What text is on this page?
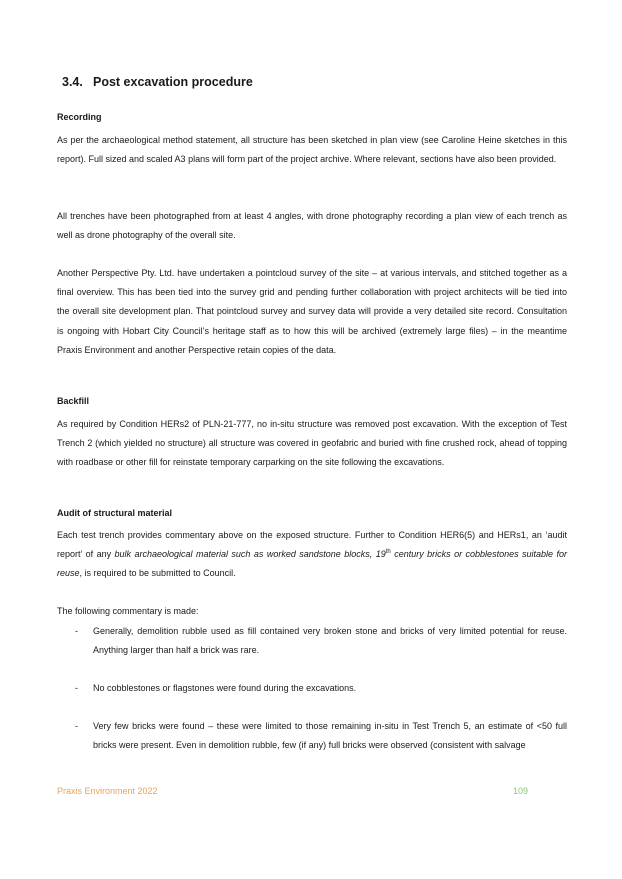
3.4. Post excavation procedure
Recording

As per the archaeological method statement, all structure has been sketched in plan view (see Caroline Heine sketches in this report). Full sized and scaled A3 plans will form part of the project archive. Where relevant, sections have also been provided.

All trenches have been photographed from at least 4 angles, with drone photography recording a plan view of each trench as well as drone photography of the overall site.

Another Perspective Pty. Ltd. have undertaken a pointcloud survey of the site – at various intervals, and stitched together as a final overview. This has been tied into the survey grid and pending further collaboration with project architects will be tied into the overall site development plan. That pointcloud survey and survey data will provide a very detailed site record. Consultation is ongoing with Hobart City Council’s heritage staff as to how this will be archived (extremely large files) – in the meantime Praxis Environment and another Perspective retain copies of the data.

Backfill

As required by Condition HERs2 of PLN-21-777, no in-situ structure was removed post excavation. With the exception of Test Trench 2 (which yielded no structure) all structure was covered in geofabric and buried with fine crushed rock, ahead of topping with roadbase or other fill for reinstate temporary carparking on the site following the excavations.

Audit of structural material

Each test trench provides commentary above on the exposed structure. Further to Condition HER6(5) and HERs1, an ‘audit report’ of any bulk archaeological material such as worked sandstone blocks, 19th century bricks or cobblestones suitable for reuse, is required to be submitted to Council.

The following commentary is made:

- Generally, demolition rubble used as fill contained very broken stone and bricks of very limited potential for reuse. Anything larger than half a brick was rare.
- No cobblestones or flagstones were found during the excavations.
- Very few bricks were found – these were limited to those remaining in-situ in Test Trench 5, an estimate of <50 full bricks were present. Even in demolition rubble, few (if any) full bricks were observed (consistent with salvage
Praxis Environment 2022	109
